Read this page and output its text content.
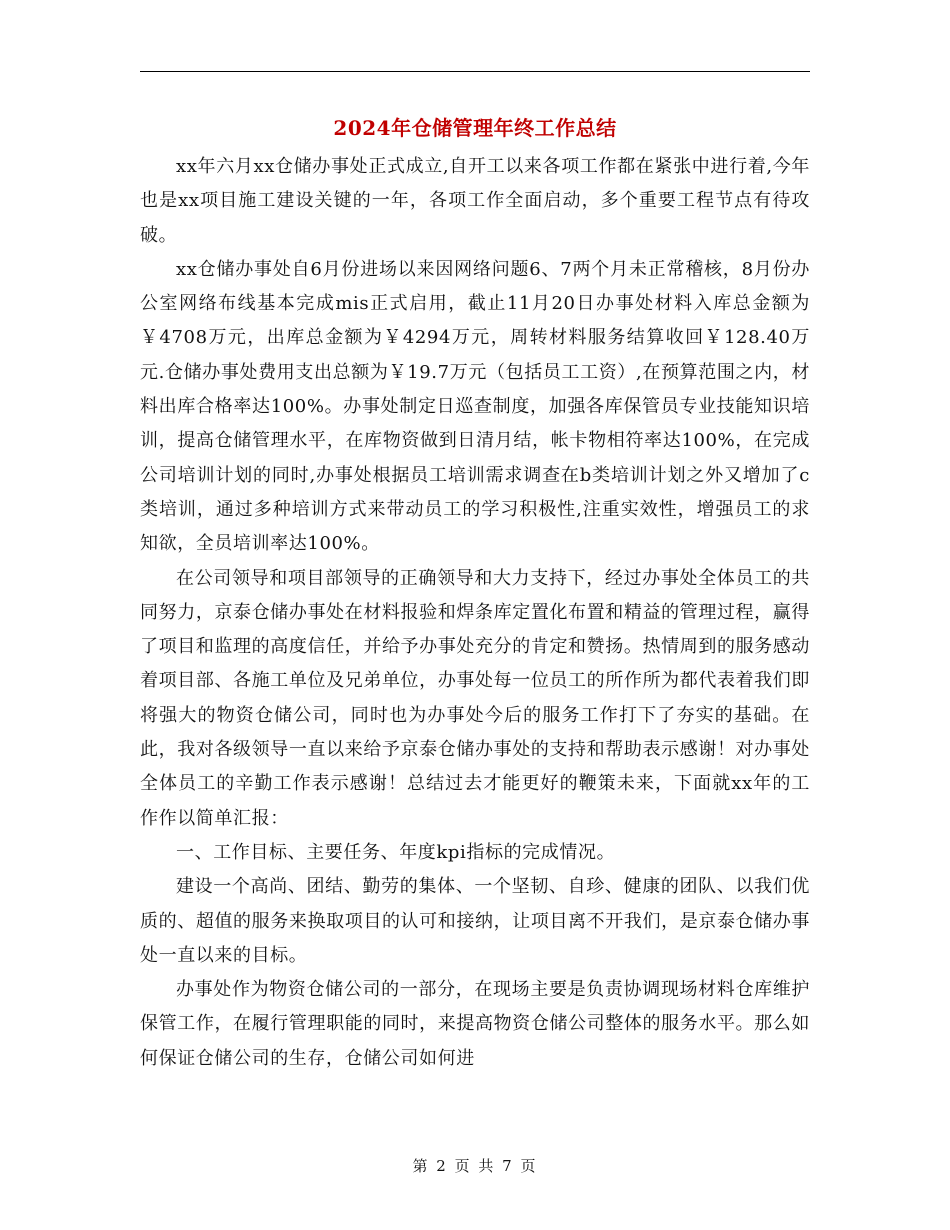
2024年仓储管理年终工作总结

xx年六月xx仓储办事处正式成立,自开工以来各项工作都在紧张中进行着,今年也是xx项目施工建设关键的一年，各项工作全面启动，多个重要工程节点有待攻破。

xx仓储办事处自6月份进场以来因网络问题6、7两个月未正常稽核，8月份办公室网络布线基本完成mis正式启用，截止11月20日办事处材料入库总金额为￥4708万元，出库总金额为￥4294万元，周转材料服务结算收回￥128.40万元.仓储办事处费用支出总额为￥19.7万元（包括员工工资）,在预算范围之内，材料出库合格率达100%。办事处制定日巡查制度，加强各库保管员专业技能知识培训，提高仓储管理水平，在库物资做到日清月结，帐卡物相符率达100%，在完成公司培训计划的同时,办事处根据员工培训需求调查在b类培训计划之外又增加了c类培训，通过多种培训方式来带动员工的学习积极性,注重实效性，增强员工的求知欲，全员培训率达100%。

在公司领导和项目部领导的正确领导和大力支持下，经过办事处全体员工的共同努力，京泰仓储办事处在材料报验和焊条库定置化布置和精益的管理过程，赢得了项目和监理的高度信任，并给予办事处充分的肯定和赞扬。热情周到的服务感动着项目部、各施工单位及兄弟单位，办事处每一位员工的所作所为都代表着我们即将强大的物资仓储公司，同时也为办事处今后的服务工作打下了夯实的基础。在此，我对各级领导一直以来给予京泰仓储办事处的支持和帮助表示感谢！对办事处全体员工的辛勤工作表示感谢！总结过去才能更好的鞭策未来，下面就xx年的工作作以简单汇报：

一、工作目标、主要任务、年度kpi指标的完成情况。

建设一个高尚、团结、勤劳的集体、一个坚韧、自珍、健康的团队、以我们优质的、超值的服务来换取项目的认可和接纳，让项目离不开我们，是京泰仓储办事处一直以来的目标。

办事处作为物资仓储公司的一部分，在现场主要是负责协调现场材料仓库维护保管工作，在履行管理职能的同时，来提高物资仓储公司整体的服务水平。那么如何保证仓储公司的生存，仓储公司如何进

第 2 页 共 7 页
